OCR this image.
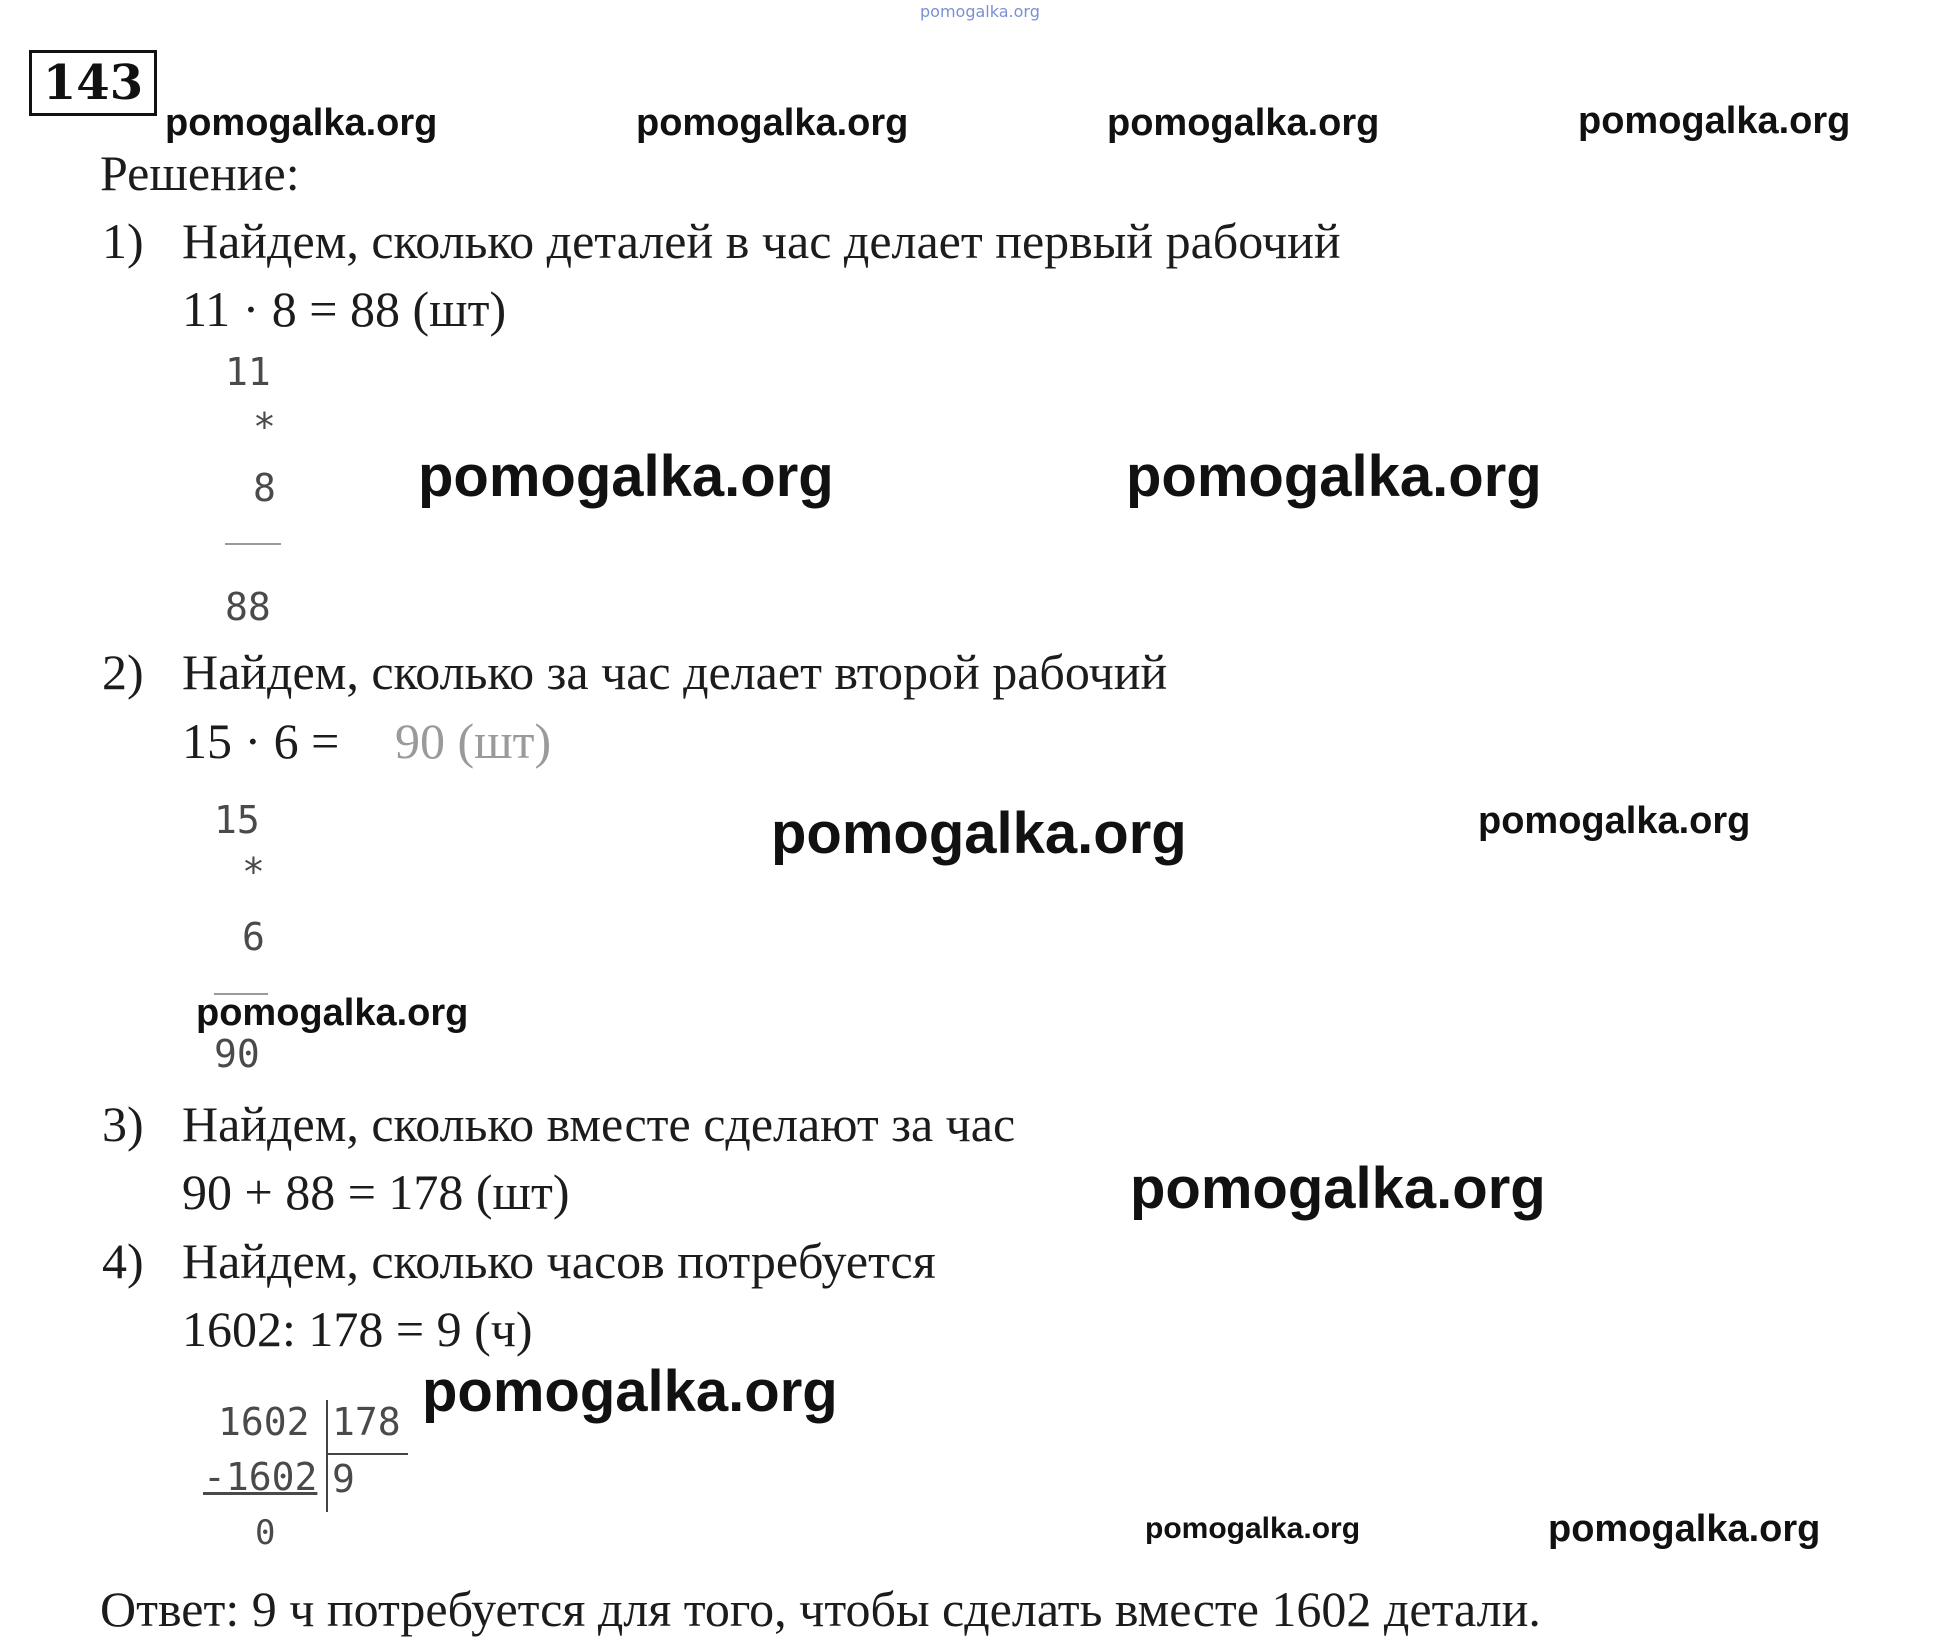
pomogalka.org
143
pomogalka.org	pomogalka.org	pomogalka.org	pomogalka.org
Решение:
1) Найдем, сколько деталей в час делает первый рабочий
11 · 8 = 88 (шт)
11
*
8
88
pomogalka.org	pomogalka.org
2) Найдем, сколько за час делает второй рабочий
15 · 6 = 90 (шт)
15
*
6
90
pomogalka.org	pomogalka.org
pomogalka.org
3) Найдем, сколько вместе сделают за час
90 + 88 = 178 (шт)	pomogalka.org
4) Найдем, сколько часов потребуется
1602: 178 = 9 (ч)
pomogalka.org
1602 178
-1602 9
0	pomogalka.org	pomogalka.org
Ответ: 9 ч потребуется для того, чтобы сделать вместе 1602 детали.
